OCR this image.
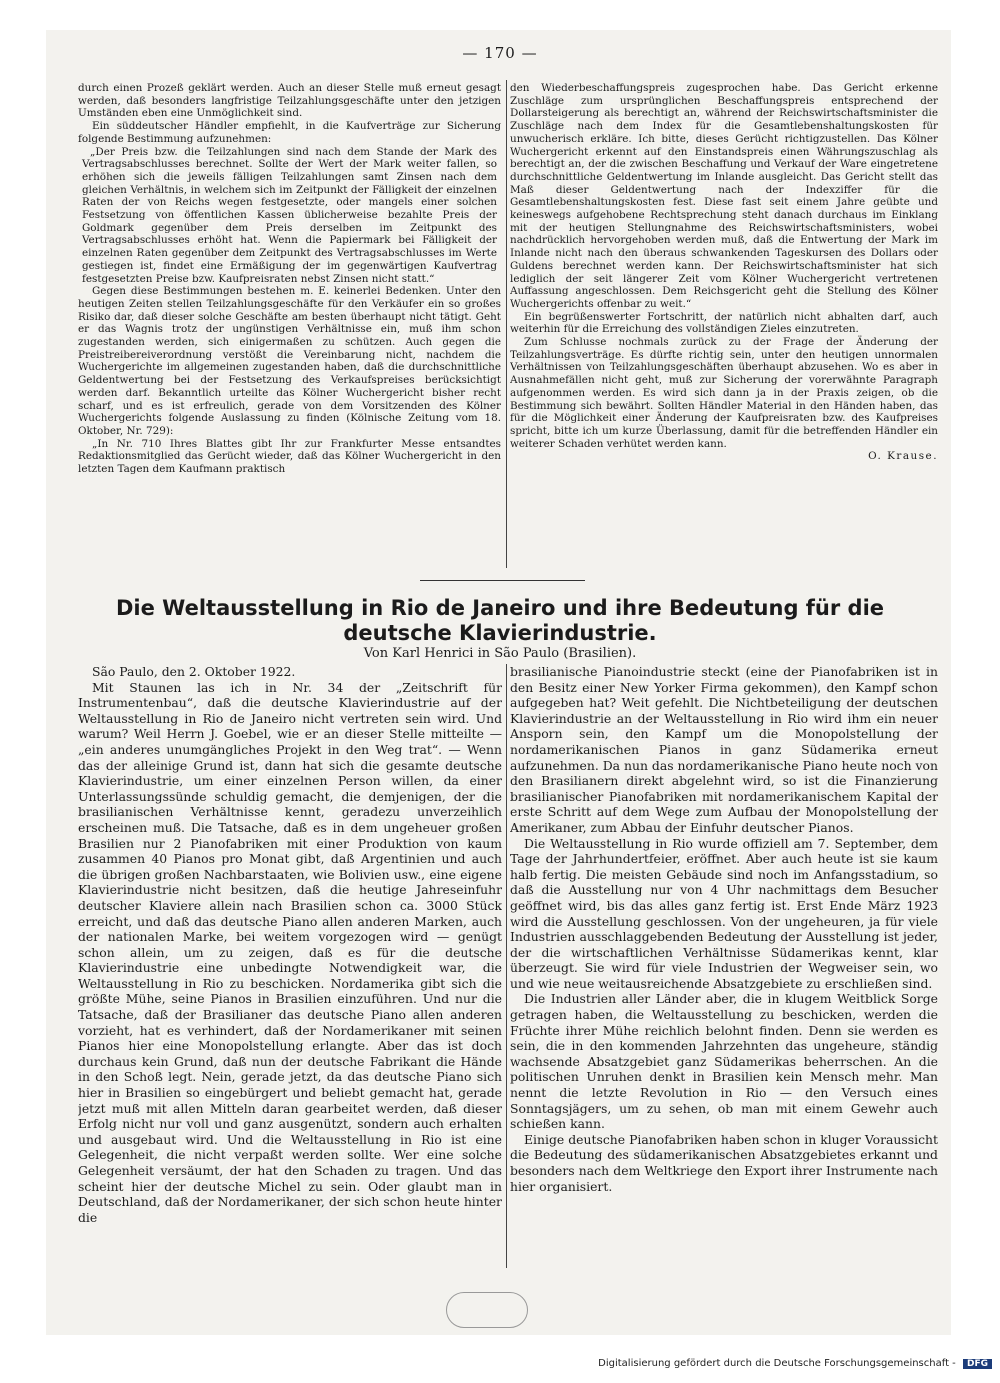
— 170 —

durch einen Prozeß geklärt werden. Auch an dieser Stelle muß erneut gesagt werden, daß besonders langfristige Teilzahlungsgeschäfte unter den jetzigen Umständen eben eine Unmöglichkeit sind.

Ein süddeutscher Händler empfiehlt, in die Kaufverträge zur Sicherung folgende Bestimmung aufzunehmen:

„Der Preis bzw. die Teilzahlungen sind nach dem Stande der Mark des Vertragsabschlusses berechnet. Sollte der Wert der Mark weiter fallen, so erhöhen sich die jeweils fälligen Teilzahlungen samt Zinsen nach dem gleichen Verhältnis, in welchem sich im Zeitpunkt der Fälligkeit der einzelnen Raten der von Reichs wegen festgesetzte, oder mangels einer solchen Festsetzung von öffentlichen Kassen üblicherweise bezahlte Preis der Goldmark gegenüber dem Preis derselben im Zeitpunkt des Vertragsabschlusses erhöht hat. Wenn die Papiermark bei Fälligkeit der einzelnen Raten gegenüber dem Zeitpunkt des Vertragsabschlusses im Werte gestiegen ist, findet eine Ermäßigung der im gegenwärtigen Kaufvertrag festgesetzten Preise bzw. Kaufpreisraten nebst Zinsen nicht statt.“

Gegen diese Bestimmungen bestehen m. E. keinerlei Bedenken. Unter den heutigen Zeiten stellen Teilzahlungsgeschäfte für den Verkäufer ein so großes Risiko dar, daß dieser solche Geschäfte am besten überhaupt nicht tätigt. Geht er das Wagnis trotz der ungünstigen Verhältnisse ein, muß ihm schon zugestanden werden, sich einigermaßen zu schützen. Auch gegen die Preistreibereiverordnung verstößt die Vereinbarung nicht, nachdem die Wuchergerichte im allgemeinen zugestanden haben, daß die durchschnittliche Geldentwertung bei der Festsetzung des Verkaufspreises berücksichtigt werden darf. Bekanntlich urteilte das Kölner Wuchergericht bisher recht scharf, und es ist erfreulich, gerade von dem Vorsitzenden des Kölner Wuchergerichts folgende Auslassung zu finden (Kölnische Zeitung vom 18. Oktober, Nr. 729):

„In Nr. 710 Ihres Blattes gibt Ihr zur Frankfurter Messe entsandtes Redaktionsmitglied das Gerücht wieder, daß das Kölner Wuchergericht in den letzten Tagen dem Kaufmann praktisch

den Wiederbeschaffungspreis zugesprochen habe. Das Gericht erkenne Zuschläge zum ursprünglichen Beschaffungspreis entsprechend der Dollarsteigerung als berechtigt an, während der Reichswirtschaftsminister die Zuschläge nach dem Index für die Gesamtlebenshaltungskosten für unwucherisch erkläre. Ich bitte, dieses Gerücht richtigzustellen. Das Kölner Wuchergericht erkennt auf den Einstandspreis einen Währungszuschlag als berechtigt an, der die zwischen Beschaffung und Verkauf der Ware eingetretene durchschnittliche Geldentwertung im Inlande ausgleicht. Das Gericht stellt das Maß dieser Geldentwertung nach der Indexziffer für die Gesamtlebenshaltungskosten fest. Diese fast seit einem Jahre geübte und keineswegs aufgehobene Rechtsprechung steht danach durchaus im Einklang mit der heutigen Stellungnahme des Reichswirtschaftsministers, wobei nachdrücklich hervorgehoben werden muß, daß die Entwertung der Mark im Inlande nicht nach den überaus schwankenden Tageskursen des Dollars oder Guldens berechnet werden kann. Der Reichswirtschaftsminister hat sich lediglich der seit längerer Zeit vom Kölner Wuchergericht vertretenen Auffassung angeschlossen. Dem Reichsgericht geht die Stellung des Kölner Wuchergerichts offenbar zu weit.“

Ein begrüßenswerter Fortschritt, der natürlich nicht abhalten darf, auch weiterhin für die Erreichung des vollständigen Zieles einzutreten.

Zum Schlusse nochmals zurück zu der Frage der Änderung der Teilzahlungsverträge. Es dürfte richtig sein, unter den heutigen unnormalen Verhältnissen von Teilzahlungsgeschäften überhaupt abzusehen. Wo es aber in Ausnahmefällen nicht geht, muß zur Sicherung der vorerwähnte Paragraph aufgenommen werden. Es wird sich dann ja in der Praxis zeigen, ob die Bestimmung sich bewährt. Sollten Händler Material in den Händen haben, das für die Möglichkeit einer Änderung der Kaufpreisraten bzw. des Kaufpreises spricht, bitte ich um kurze Überlassung, damit für die betreffenden Händler ein weiterer Schaden verhütet werden kann.

O. Krause.

Die Weltausstellung in Rio de Janeiro und ihre Bedeutung für die deutsche Klavierindustrie.
Von Karl Henrici in São Paulo (Brasilien).

São Paulo, den 2. Oktober 1922.

Mit Staunen las ich in Nr. 34 der „Zeitschrift für Instrumentenbau“, daß die deutsche Klavierindustrie auf der Weltausstellung in Rio de Janeiro nicht vertreten sein wird. Und warum? Weil Herrn J. Goebel, wie er an dieser Stelle mitteilte — „ein anderes unumgängliches Projekt in den Weg trat“. — Wenn das der alleinige Grund ist, dann hat sich die gesamte deutsche Klavierindustrie, um einer einzelnen Person willen, da einer Unterlassungssünde schuldig gemacht, die demjenigen, der die brasilianischen Verhältnisse kennt, geradezu unverzeihlich erscheinen muß. Die Tatsache, daß es in dem ungeheuer großen Brasilien nur 2 Pianofabriken mit einer Produktion von kaum zusammen 40 Pianos pro Monat gibt, daß Argentinien und auch die übrigen großen Nachbarstaaten, wie Bolivien usw., eine eigene Klavierindustrie nicht besitzen, daß die heutige Jahreseinfuhr deutscher Klaviere allein nach Brasilien schon ca. 3000 Stück erreicht, und daß das deutsche Piano allen anderen Marken, auch der nationalen Marke, bei weitem vorgezogen wird — genügt schon allein, um zu zeigen, daß es für die deutsche Klavierindustrie eine unbedingte Notwendigkeit war, die Weltausstellung in Rio zu beschicken. Nordamerika gibt sich die größte Mühe, seine Pianos in Brasilien einzuführen. Und nur die Tatsache, daß der Brasilianer das deutsche Piano allen anderen vorzieht, hat es verhindert, daß der Nordamerikaner mit seinen Pianos hier eine Monopolstellung erlangte. Aber das ist doch durchaus kein Grund, daß nun der deutsche Fabrikant die Hände in den Schoß legt. Nein, gerade jetzt, da das deutsche Piano sich hier in Brasilien so eingebürgert und beliebt gemacht hat, gerade jetzt muß mit allen Mitteln daran gearbeitet werden, daß dieser Erfolg nicht nur voll und ganz ausgenützt, sondern auch erhalten und ausgebaut wird. Und die Weltausstellung in Rio ist eine Gelegenheit, die nicht verpaßt werden sollte. Wer eine solche Gelegenheit versäumt, der hat den Schaden zu tragen. Und das scheint hier der deutsche Michel zu sein. Oder glaubt man in Deutschland, daß der Nordamerikaner, der sich schon heute hinter die

brasilianische Pianoindustrie steckt (eine der Pianofabriken ist in den Besitz einer New Yorker Firma gekommen), den Kampf schon aufgegeben hat? Weit gefehlt. Die Nichtbeteiligung der deutschen Klavierindustrie an der Weltausstellung in Rio wird ihm ein neuer Ansporn sein, den Kampf um die Monopolstellung der nordamerikanischen Pianos in ganz Südamerika erneut aufzunehmen. Da nun das nordamerikanische Piano heute noch von den Brasilianern direkt abgelehnt wird, so ist die Finanzierung brasilianischer Pianofabriken mit nordamerikanischem Kapital der erste Schritt auf dem Wege zum Aufbau der Monopolstellung der Amerikaner, zum Abbau der Einfuhr deutscher Pianos.

Die Weltausstellung in Rio wurde offiziell am 7. September, dem Tage der Jahrhundertfeier, eröffnet. Aber auch heute ist sie kaum halb fertig. Die meisten Gebäude sind noch im Anfangsstadium, so daß die Ausstellung nur von 4 Uhr nachmittags dem Besucher geöffnet wird, bis das alles ganz fertig ist. Erst Ende März 1923 wird die Ausstellung geschlossen. Von der ungeheuren, ja für viele Industrien ausschlaggebenden Bedeutung der Ausstellung ist jeder, der die wirtschaftlichen Verhältnisse Südamerikas kennt, klar überzeugt. Sie wird für viele Industrien der Wegweiser sein, wo und wie neue weitausreichende Absatzgebiete zu erschließen sind.

Die Industrien aller Länder aber, die in klugem Weitblick Sorge getragen haben, die Weltausstellung zu beschicken, werden die Früchte ihrer Mühe reichlich belohnt finden. Denn sie werden es sein, die in den kommenden Jahrzehnten das ungeheure, ständig wachsende Absatzgebiet ganz Südamerikas beherrschen. An die politischen Unruhen denkt in Brasilien kein Mensch mehr. Man nennt die letzte Revolution in Rio — den Versuch eines Sonntagsjägers, um zu sehen, ob man mit einem Gewehr auch schießen kann.

Einige deutsche Pianofabriken haben schon in kluger Voraussicht die Bedeutung des südamerikanischen Absatzgebietes erkannt und besonders nach dem Weltkriege den Export ihrer Instrumente nach hier organisiert.

Digitalisierung gefördert durch die Deutsche Forschungsgemeinschaft - DFG
